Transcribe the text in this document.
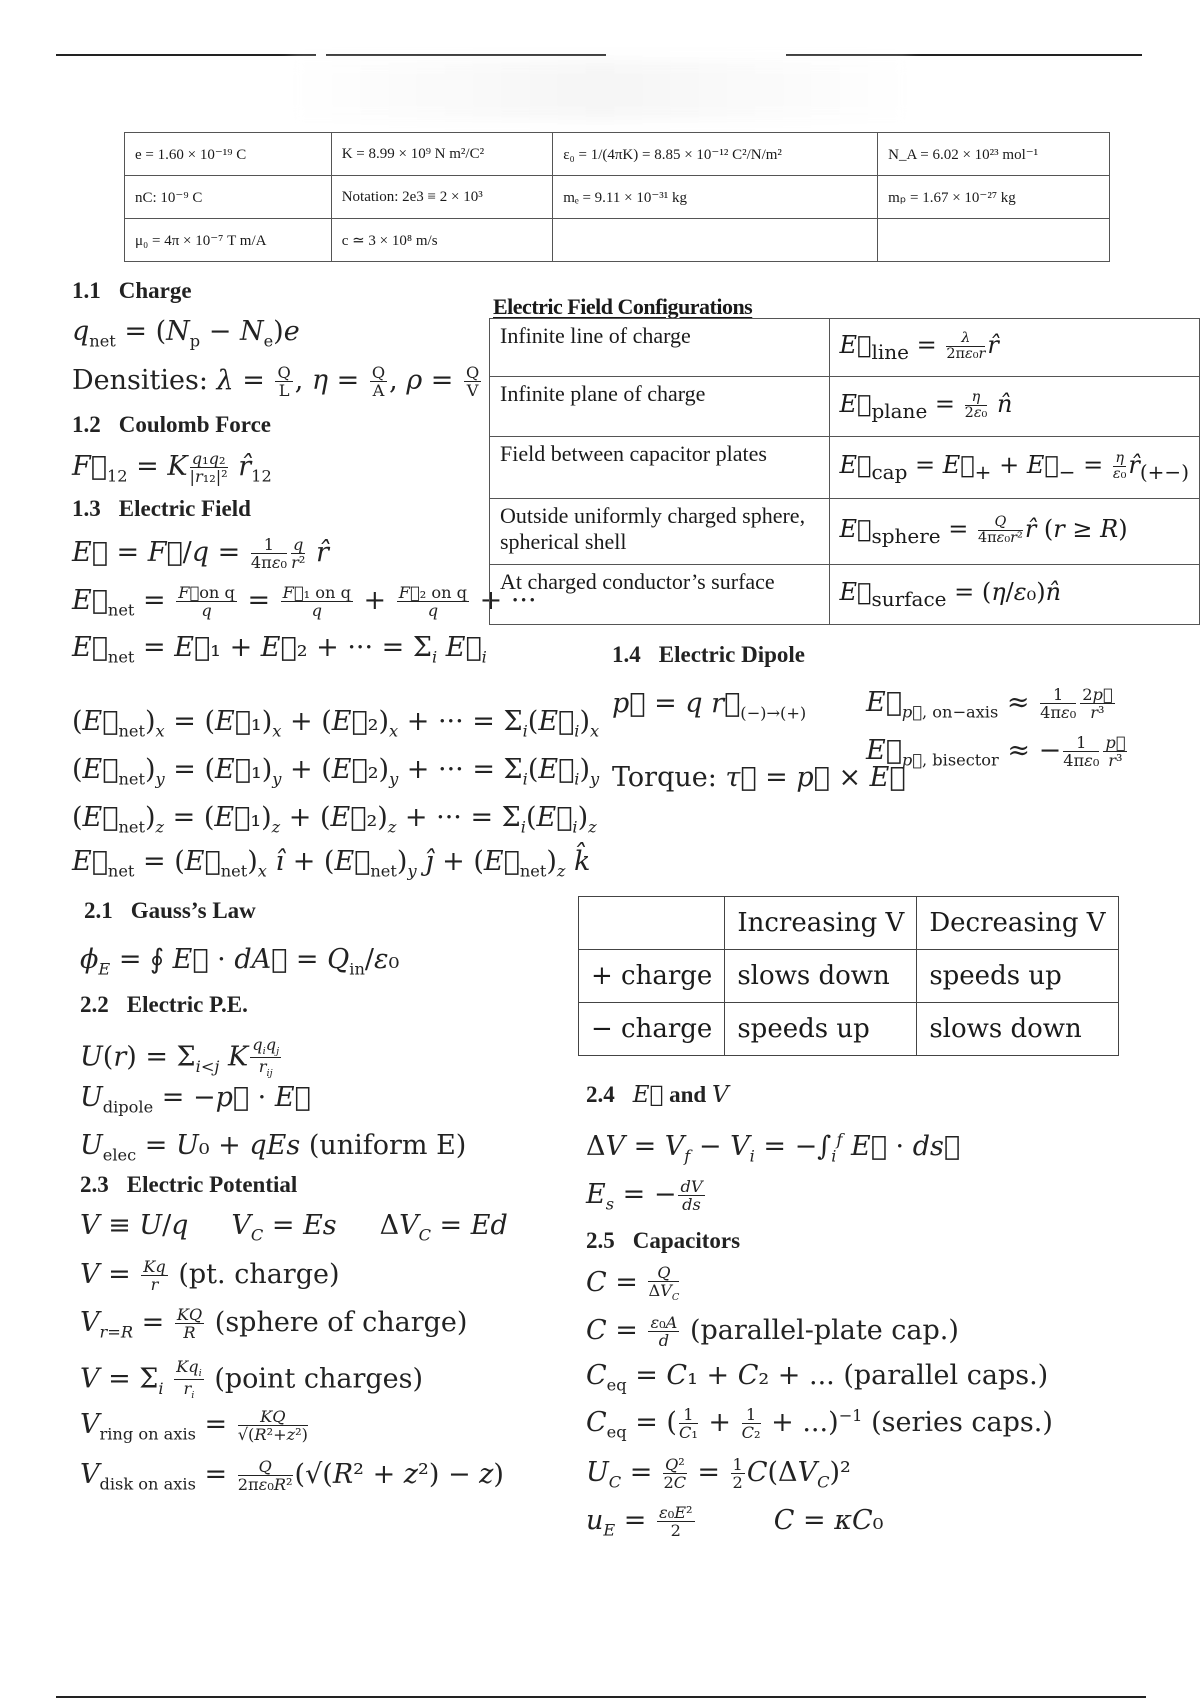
e = 1.60 × 10⁻¹⁹ C	K = 8.99 × 10⁹ N m²/C²	ε₀ = 1/(4πK) = 8.85 × 10⁻¹² C²/N/m²	N_A = 6.02 × 10²³ mol⁻¹
nC: 10⁻⁹ C	Notation: 2e3 ≡ 2 × 10³	mₑ = 9.11 × 10⁻³¹ kg	mₚ = 1.67 × 10⁻²⁷ kg
μ₀ = 4π × 10⁻⁷ T m/A	c ≃ 3 × 10⁸ m/s		
1.1 Charge
$q_{net} = (N_p - N_e)e$
Densities: $\lambda = \frac{Q}{L}$ , $\eta = \frac{Q}{A}$ , $\rho = \frac{Q}{V}$
1.2 Coulomb Force
$F⃗_{12} = K \frac{\text{q₁q₂}}{\text{|r₁₂|²}}$ $r̂_{12}$
1.3 Electric Field
E⃗ = F⃗/q = $\frac{1}{\text{4πε₀}} \frac{q}{\text{r²}}$ r̂
$E⃗_{net} = \frac{\text{F⃗on q}}{q} = \frac{\text{F⃗₁ on q}}{q} + \frac{\text{F⃗₂ on q}}{q}$ + ···
$E⃗_{net}$ = E⃗₁ + E⃗₂ + ··· = $\Sigma_i$ $E⃗_i$
$(E⃗_{net})_x$ = $(E⃗_1)_x$ + $(E⃗_2)_x$ + ··· = $\Sigma_i(E⃗_i)_x$
$(E⃗_{net})_y$ = $(E⃗_1)_y$ + $(E⃗_2)_y$ + ··· = $\Sigma_i(E⃗_i)_y$
$(E⃗_{net})_z$ = $(E⃗_1)_z$ + $(E⃗_2)_z$ + ··· = $\Sigma_i(E⃗_i)_z$
$E⃗_{net}$ = $(E⃗_{net})_x$ î + $(E⃗_{net})_y$ ĵ + $(E⃗_{net})_z$ k̂
Electric Field Configurations
Infinite line of charge	$E⃗_{line} = \frac{\lambda}{\text{2πε₀r}}$ r̂
Infinite plane of charge	$E⃗_{plane} = \frac{\eta}{\text{2ε₀}}$ n̂
Field between capacitor plates	$E⃗_{cap}$ = $E⃗_+$ + $E⃗_- = \frac{\eta}{\text{ε₀}}$ $r̂_{(+-)}$
Outside uniformly charged sphere, spherical shell	$E⃗_{sphere} = \frac{Q}{\text{4πε₀r²}}$ r̂ (r ≥ R)
At charged conductor’s surface	$E⃗_{surface}$ = (η/ε₀)n̂
1.4 Electric Dipole
p⃗ = q $r⃗_{(-)\to(+)}$ $E⃗_{p⃗, on-axis} \approx \frac{1}{\text{4πε₀}} \frac{2p⃗}{\text{r³}}$
$E⃗_{p⃗, bisector}$ ≈ − $\frac{1}{\text{4πε₀}} \frac{p⃗}{\text{r³}}$
Torque: τ⃗ = p⃗ × E⃗
2.1 Gauss’s Law
$\phi_E$ = ∮ E⃗ · dA⃗ = $Q_{in}/\varepsilon_0$
	Increasing V	Decreasing V
+ charge	slows down	speeds up
− charge	speeds up	slows down
2.2 Electric P.E.
$U(r) = \Sigma_{i<j}$ K $\frac{q_iq_j}{r_{ij}}$
$U_{dipole}$ = −p⃗ · E⃗
$U_{elec} = U_0$ + qEs (uniform E)
2.3 Electric Potential
V ≡ U/q $V_C = Es$     $\Delta V_C = Ed$
$V = \frac{Kq}{r} (pt$. charge)
$V_{r=R} = \frac{KQ}{R}$ (sphere of charge)
$V = \Sigma_i \frac{Kq_i}{r_i}$ (point charges)
$V_{ring on axis} = \frac{KQ}{\text{√(R²+z²)}}$
$V_{disk on axis} = \frac{Q}{\text{2πε₀R²}} (√(R^2 + z^2) - z)$
2.4 E⃗ and V
$\Delta V = V_f - V_i = -\int_i^f$ E⃗ · ds⃗
$E_s$ = − $\frac{dV}{ds}$
2.5 Capacitors
$C = \frac{Q}{\Delta V_C}$
$C = \frac{\text{ε₀A}}{d}$ (parallel-plate cap.)
$C_{eq} = C_1 + C_2$ + ... (parallel caps.)
$C_{eq}$ = ( $\frac{1}{\text{C₁}} + \frac{1}{\text{C₂}} + ...)^{-1}$ (series caps.)
$U_C = \frac{\text{Q²}}{2C} = \frac{1}{2} C(\Delta V_C)^2$
$u_E = \frac{\text{ε₀E²}}{2}$	C = κC₀
